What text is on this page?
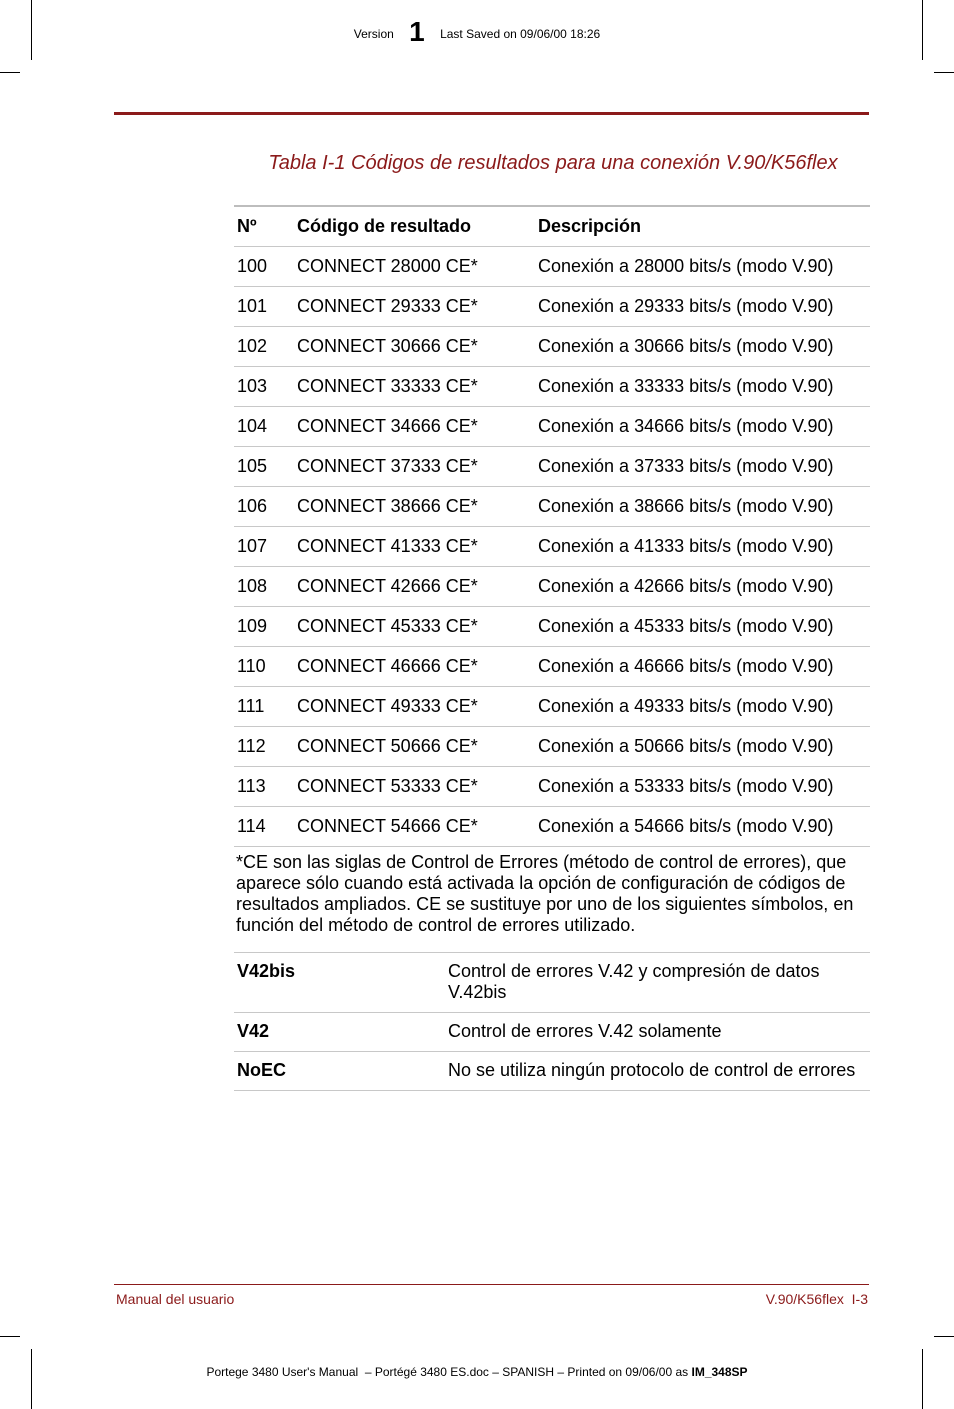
Version 1 Last Saved on 09/06/00 18:26
Tabla I-1 Códigos de resultados para una conexión V.90/K56flex
Nº	Código de resultado	Descripción
100	CONNECT 28000 CE*	Conexión a 28000 bits/s (modo V.90)
101	CONNECT 29333 CE*	Conexión a 29333 bits/s (modo V.90)
102	CONNECT 30666 CE*	Conexión a 30666 bits/s (modo V.90)
103	CONNECT 33333 CE*	Conexión a 33333 bits/s (modo V.90)
104	CONNECT 34666 CE*	Conexión a 34666 bits/s (modo V.90)
105	CONNECT 37333 CE*	Conexión a 37333 bits/s (modo V.90)
106	CONNECT 38666 CE*	Conexión a 38666 bits/s (modo V.90)
107	CONNECT 41333 CE*	Conexión a 41333 bits/s (modo V.90)
108	CONNECT 42666 CE*	Conexión a 42666 bits/s (modo V.90)
109	CONNECT 45333 CE*	Conexión a 45333 bits/s (modo V.90)
110	CONNECT 46666 CE*	Conexión a 46666 bits/s (modo V.90)
111	CONNECT 49333 CE*	Conexión a 49333 bits/s (modo V.90)
112	CONNECT 50666 CE*	Conexión a 50666 bits/s (modo V.90)
113	CONNECT 53333 CE*	Conexión a 53333 bits/s (modo V.90)
114	CONNECT 54666 CE*	Conexión a 54666 bits/s (modo V.90)
*CE son las siglas de Control de Errores (método de control de errores), que aparece sólo cuando está activada la opción de configuración de códigos de resultados ampliados. CE se sustituye por uno de los siguientes símbolos, en función del método de control de errores utilizado.
V42bis	Control de errores V.42 y compresión de datos V.42bis
V42	Control de errores V.42 solamente
NoEC	No se utiliza ningún protocolo de control de errores
Manual del usuario	V.90/K56flex  I-3
Portege 3480 User's Manual  – Portégé 3480 ES.doc – SPANISH – Printed on 09/06/00 as IM_348SP
